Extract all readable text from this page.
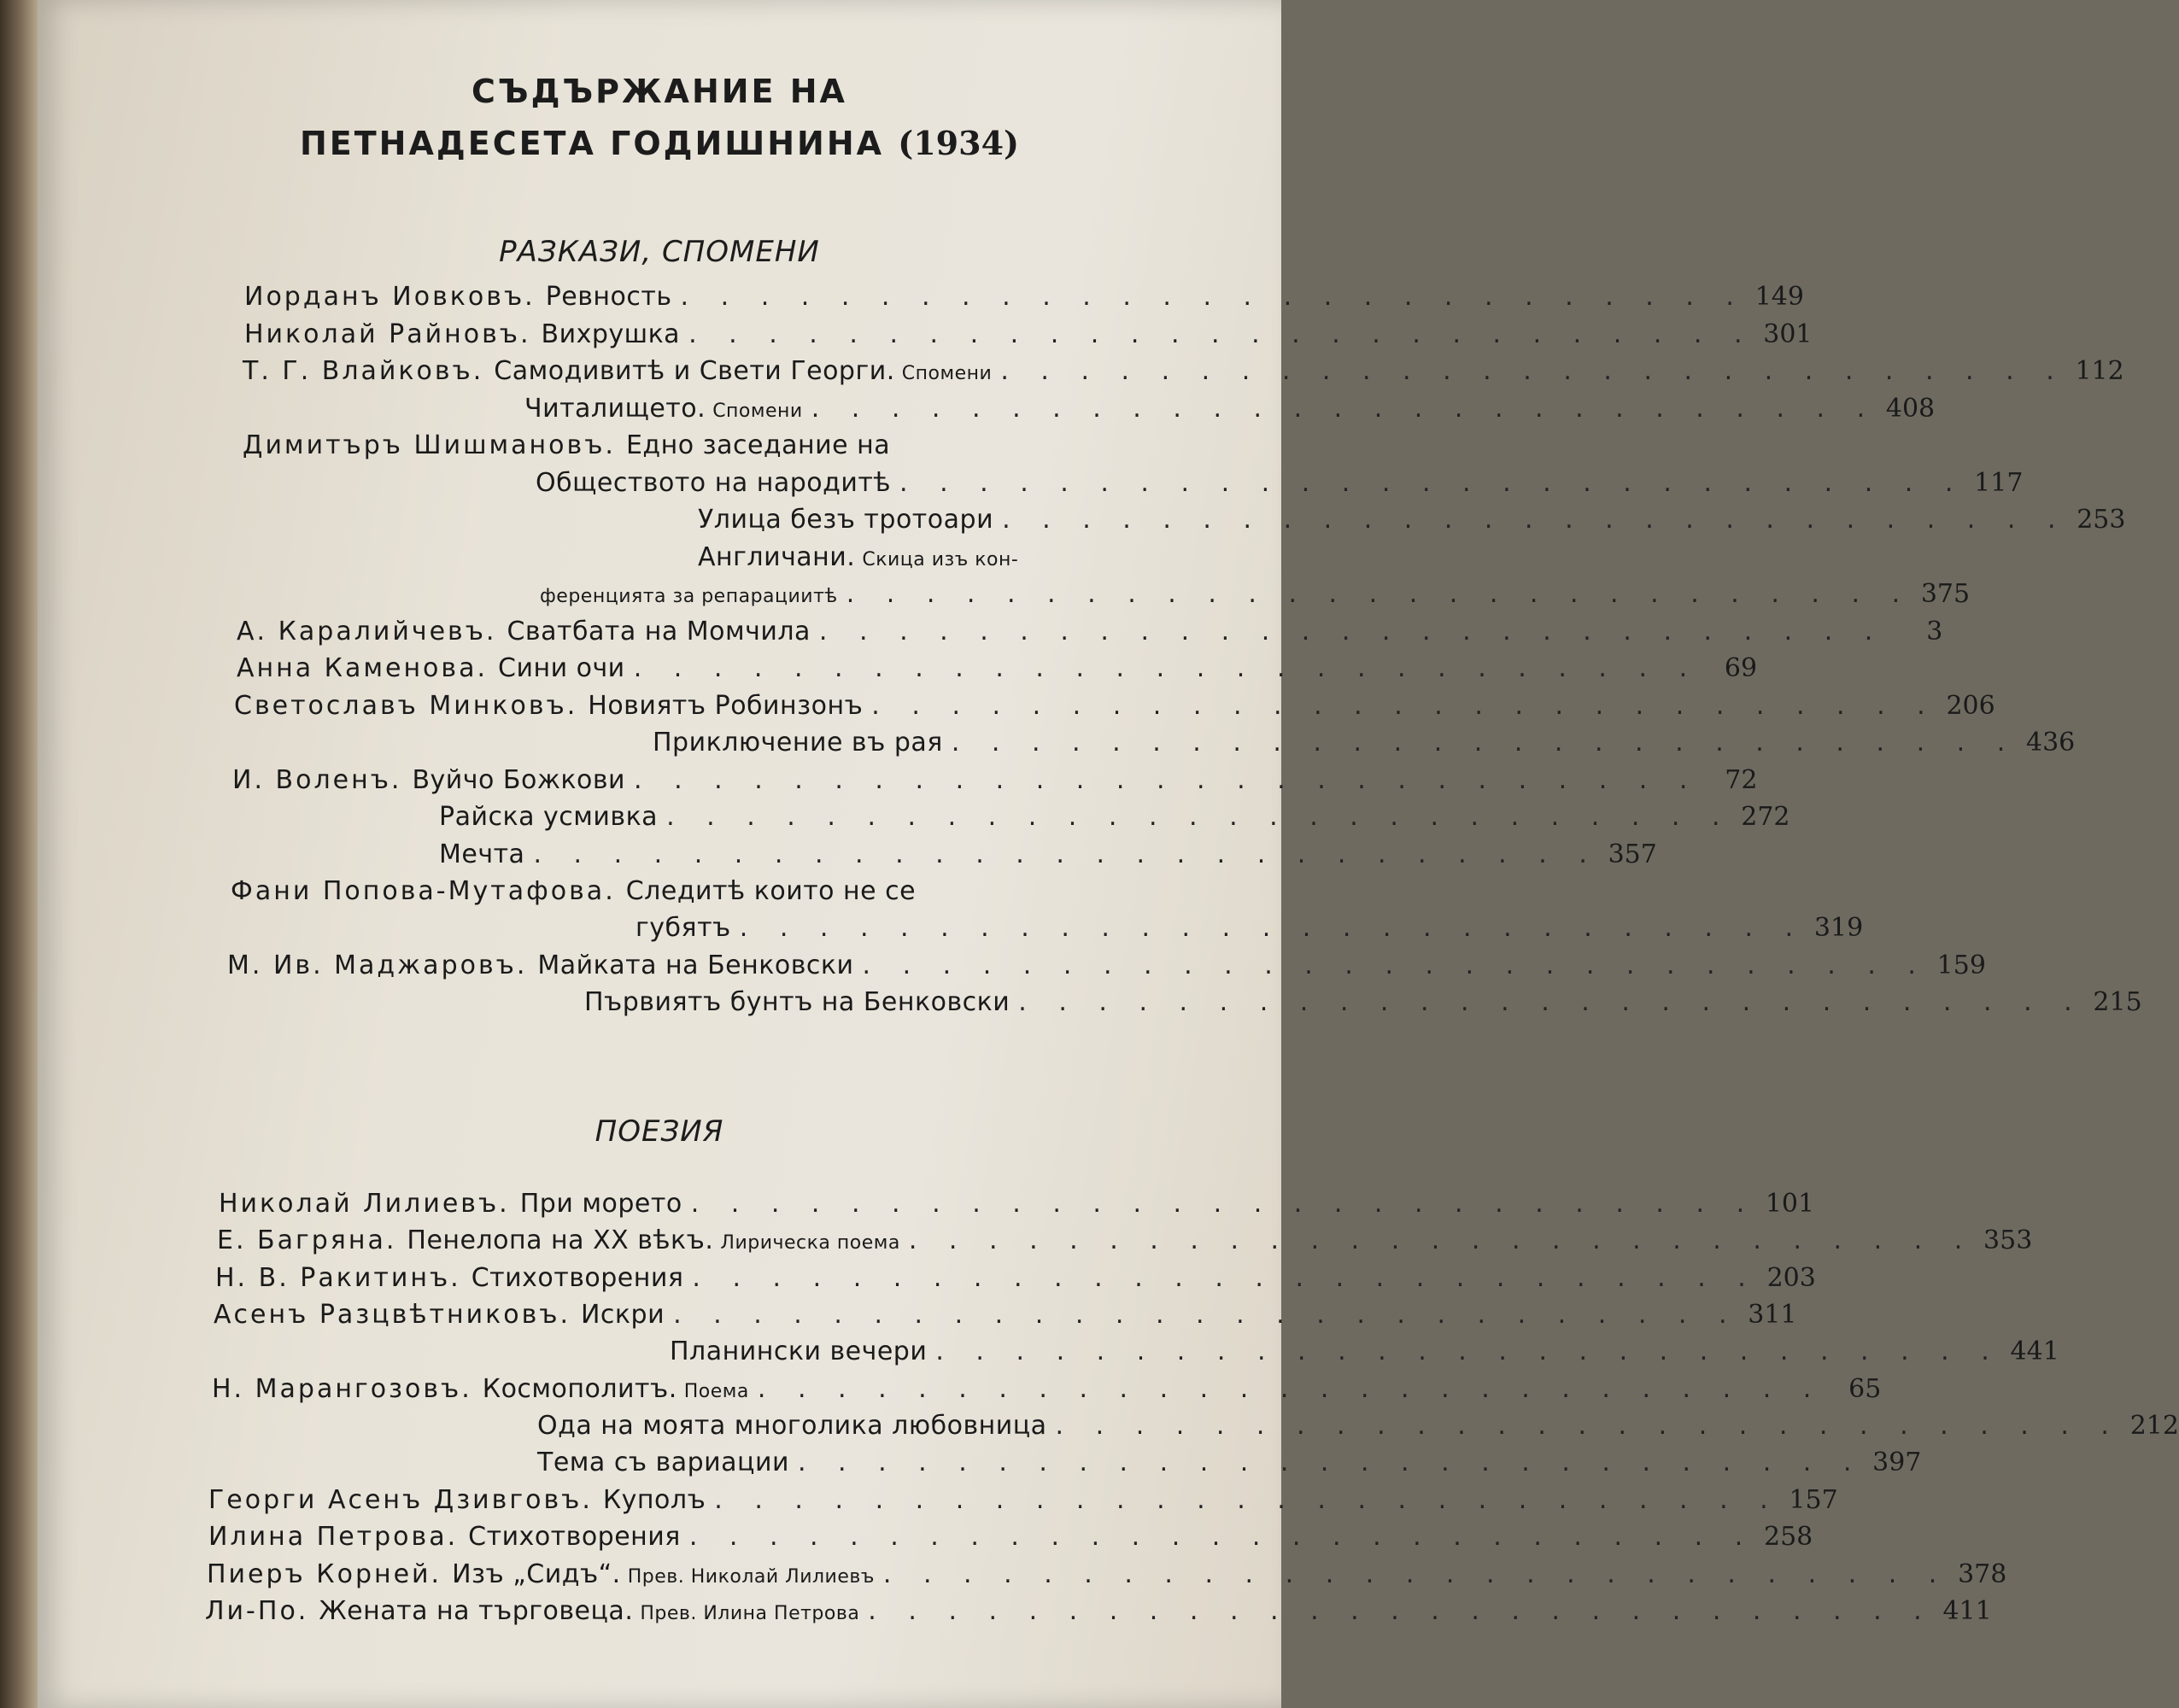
СЪДЪРЖАНИЕ НА
ПЕТНАДЕСЕТА ГОДИШНИНА (1934)
РАЗКАЗИ, СПОМЕНИ
Иорданъ Иовковъ. Ревность . . . . . . . . . . . . . . . . . . . . . . . . . . . 149
Николай Райновъ. Вихрушка . . . . . . . . . . . . . . . . . . . . . . . . . . . 301
Т. Г. Влайковъ. Самодивитѣ и Свети Георги. Спомени . . . . . . . . . . . . . . . . . . . . . . . . . . . 112
Читалището. Спомени . . . . . . . . . . . . . . . . . . . . . . . . . . . 408
Димитъръ Шишмановъ. Едно заседание на
Обществото на народитѣ . . . . . . . . . . . . . . . . . . . . . . . . . . . 117
Улица безъ тротоари . . . . . . . . . . . . . . . . . . . . . . . . . . . 253
Англичани. Скица изъ кон-
ференцията за репарациитѣ . . . . . . . . . . . . . . . . . . . . . . . . . . . 375
А. Каралийчевъ. Сватбата на Момчила . . . . . . . . . . . . . . . . . . . . . . . . . . .	3
Анна Каменова. Сини очи . . . . . . . . . . . . . . . . . . . . . . . . . . . 69
Светославъ Минковъ. Новиятъ Робинзонъ . . . . . . . . . . . . . . . . . . . . . . . . . . . 206
Приключение въ рая . . . . . . . . . . . . . . . . . . . . . . . . . . . 436
И. Воленъ. Вуйчо Божкови . . . . . . . . . . . . . . . . . . . . . . . . . . . 72
Райска усмивка . . . . . . . . . . . . . . . . . . . . . . . . . . . 272
Мечта . . . . . . . . . . . . . . . . . . . . . . . . . . . 357
Фани Попова-Мутафова. Следитѣ които не се
губятъ . . . . . . . . . . . . . . . . . . . . . . . . . . . 319
М. Ив. Маджаровъ. Майката на Бенковски . . . . . . . . . . . . . . . . . . . . . . . . . . . 159
Първиятъ бунтъ на Бенковски . . . . . . . . . . . . . . . . . . . . . . . . . . . 215
ПОЕЗИЯ
Николай Лилиевъ. При морето . . . . . . . . . . . . . . . . . . . . . . . . . . . 101
Е. Багряна. Пенелопа на XX вѣкъ. Лирическа поема . . . . . . . . . . . . . . . . . . . . . . . . . . . 353
Н. В. Ракитинъ. Стихотворения . . . . . . . . . . . . . . . . . . . . . . . . . . . 203
Асенъ Разцвѣтниковъ. Искри . . . . . . . . . . . . . . . . . . . . . . . . . . . 311
Планински вечери . . . . . . . . . . . . . . . . . . . . . . . . . . . 441
Н. Марангозовъ. Космополитъ. Поема . . . . . . . . . . . . . . . . . . . . . . . . . . . 65
Ода на моята многолика любовница . . . . . . . . . . . . . . . . . . . . . . . . . . . 212
Тема съ вариации . . . . . . . . . . . . . . . . . . . . . . . . . . . 397
Георги Асенъ Дзивговъ. Куполъ . . . . . . . . . . . . . . . . . . . . . . . . . . . 157
Илина Петрова. Стихотворения . . . . . . . . . . . . . . . . . . . . . . . . . . . 258
Пиеръ Корней. Изъ „Сидъ“. Прев. Николай Лилиевъ . . . . . . . . . . . . . . . . . . . . . . . . . . . 378
Ли-По. Жената на търговеца. Прев. Илина Петрова . . . . . . . . . . . . . . . . . . . . . . . . . . . 411
